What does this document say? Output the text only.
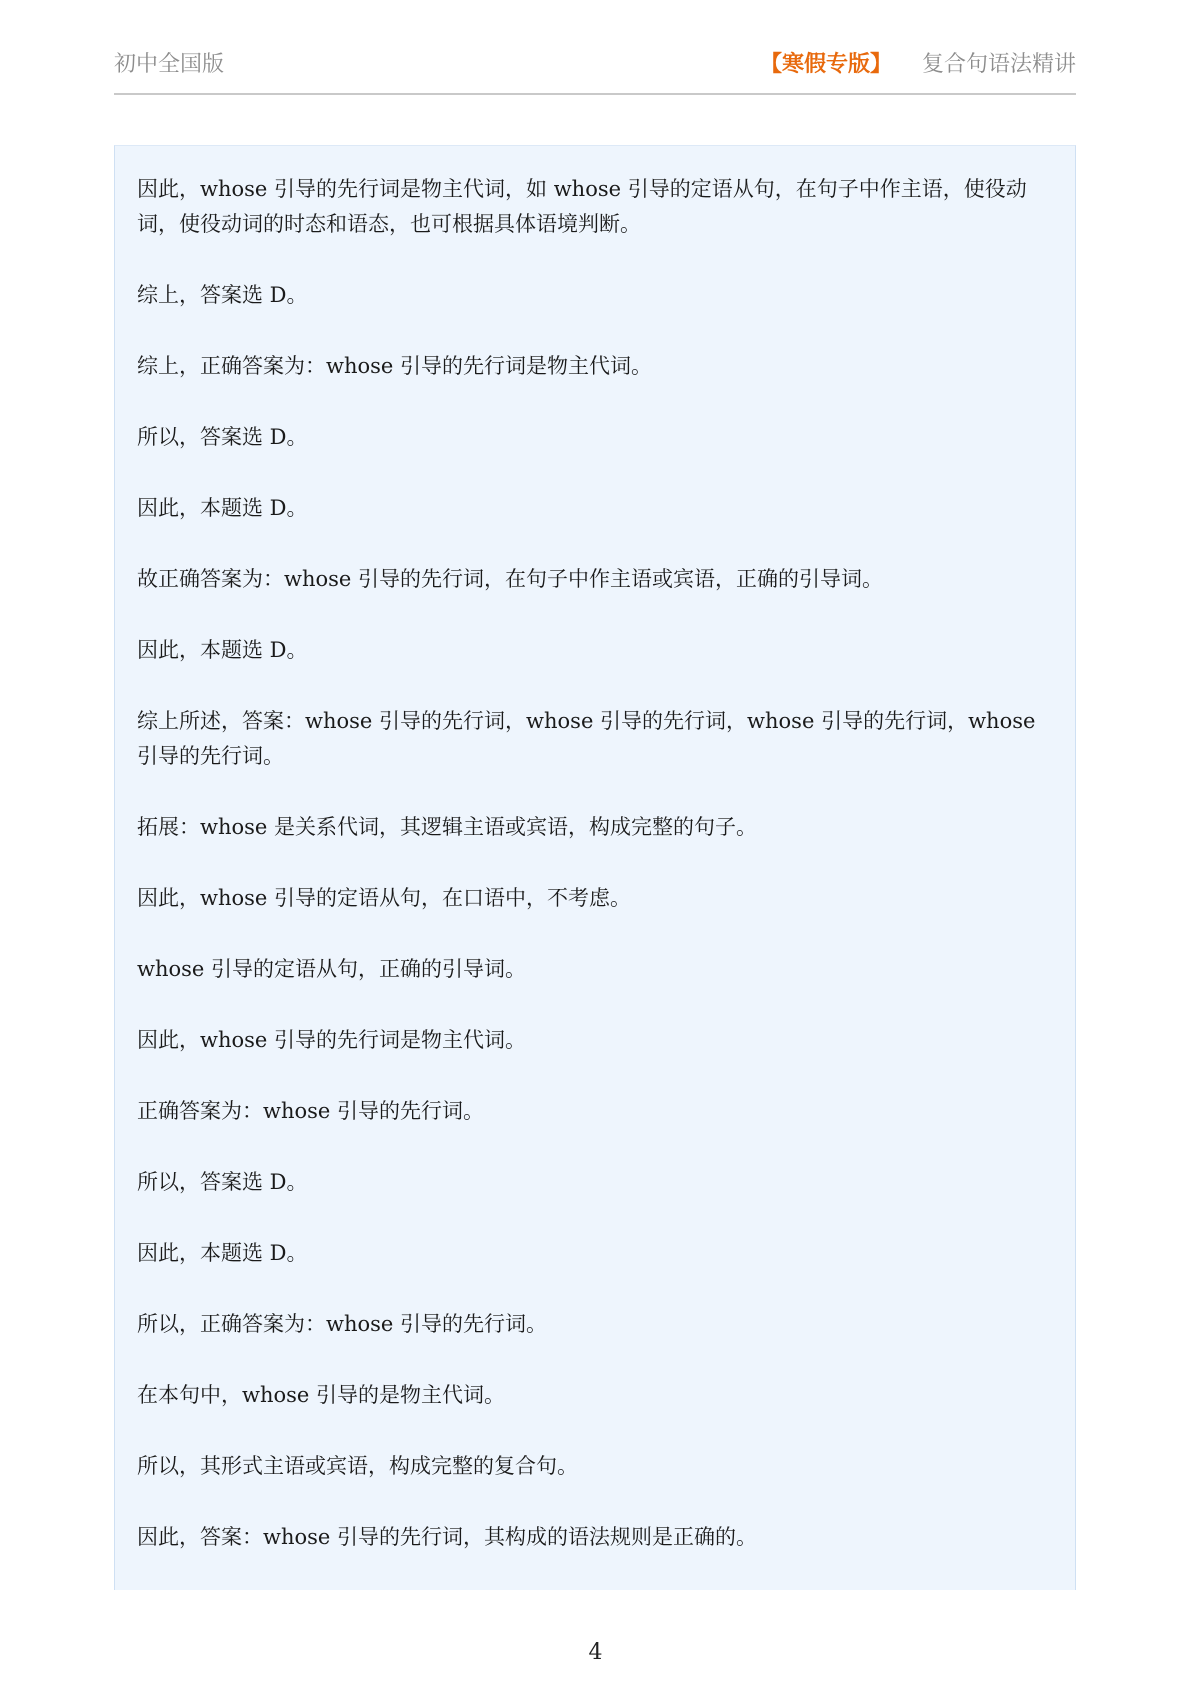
初中全国版	【寒假专版】 复合句语法精讲

因此，whose 引导的先行词是物主代词，如 whose 引导的定语从句，在句子中作主语，使役动词，使役动词的时态和语态，也可根据具体语境判断。

综上，答案选 D。

综上，正确答案为：whose 引导的先行词是物主代词。

所以，答案选 D。

因此，本题选 D。

故正确答案为：whose 引导的先行词，在句子中作主语或宾语，正确的引导词。

因此，本题选 D。

综上所述，答案：whose 引导的先行词，whose 引导的先行词，whose 引导的先行词，whose 引导的先行词。

拓展：whose 是关系代词，其逻辑主语或宾语，构成完整的句子。

因此，whose 引导的定语从句，在口语中，不考虑。

whose 引导的定语从句，正确的引导词。

因此，whose 引导的先行词是物主代词。

正确答案为：whose 引导的先行词。

所以，答案选 D。

因此，本题选 D。

所以，正确答案为：whose 引导的先行词。

在本句中，whose 引导的是物主代词。

所以，其形式主语或宾语，构成完整的复合句。

因此，答案：whose 引导的先行词，其构成的语法规则是正确的。

4
